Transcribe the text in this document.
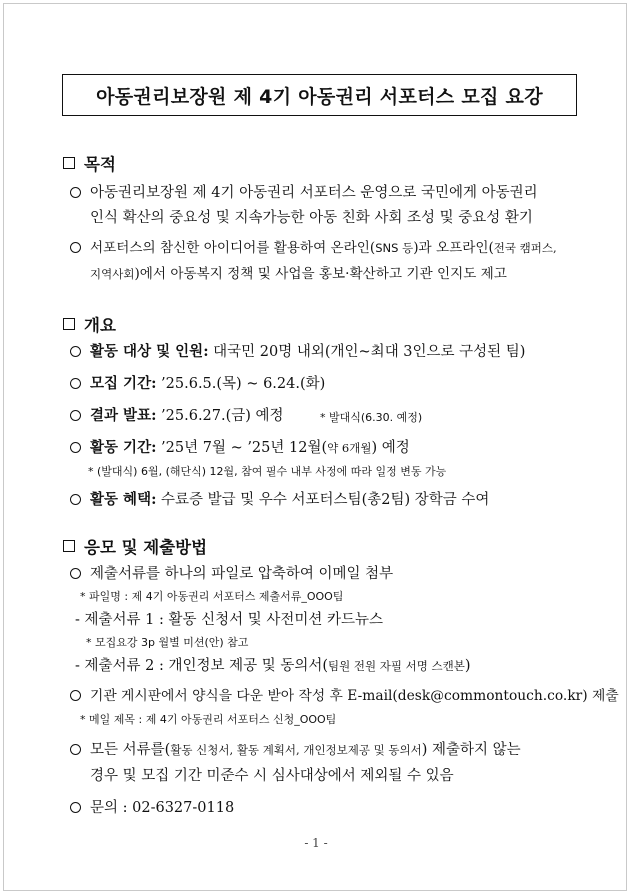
아동권리보장원 제 4기 아동권리 서포터스 모집 요강
목적
아동권리보장원 제 4기 아동권리 서포터스 운영으로 국민에게 아동권리
인식 확산의 중요성 및 지속가능한 아동 친화 사회 조성 및 중요성 환기
서포터스의 참신한 아이디어를 활용하여 온라인(SNS 등)과 오프라인(전국 캠퍼스,
지역사회)에서 아동복지 정책 및 사업을 홍보·확산하고 기관 인지도 제고
개요
활동 대상 및 인원: 대국민 20명 내외(개인~최대 3인으로 구성된 팀)
모집 기간: ’25.6.5.(목) ~ 6.24.(화)
결과 발표: ’25.6.27.(금) 예정	* 발대식(6.30. 예정)
활동 기간: ’25년 7월 ~ ’25년 12월(약 6개월) 예정
* (발대식) 6월, (해단식) 12월, 참여 필수 내부 사정에 따라 일정 변동 가능
활동 혜택: 수료증 발급 및 우수 서포터스팀(총2팀) 장학금 수여
응모 및 제출방법
제출서류를 하나의 파일로 압축하여 이메일 첨부
* 파일명 : 제 4기 아동권리 서포터스 제출서류_OOO팀
- 제출서류 1 : 활동 신청서 및 사전미션 카드뉴스
* 모집요강 3p 월별 미션(안) 참고
- 제출서류 2 : 개인정보 제공 및 동의서(팀원 전원 자필 서명 스캔본)
기관 게시판에서 양식을 다운 받아 작성 후 E-mail(desk@commontouch.co.kr) 제출
* 메일 제목 : 제 4기 아동권리 서포터스 신청_OOO팀
모든 서류를(활동 신청서, 활동 계획서, 개인정보제공 및 동의서) 제출하지 않는
경우 및 모집 기간 미준수 시 심사대상에서 제외될 수 있음
문의 : 02-6327-0118
- 1 -
